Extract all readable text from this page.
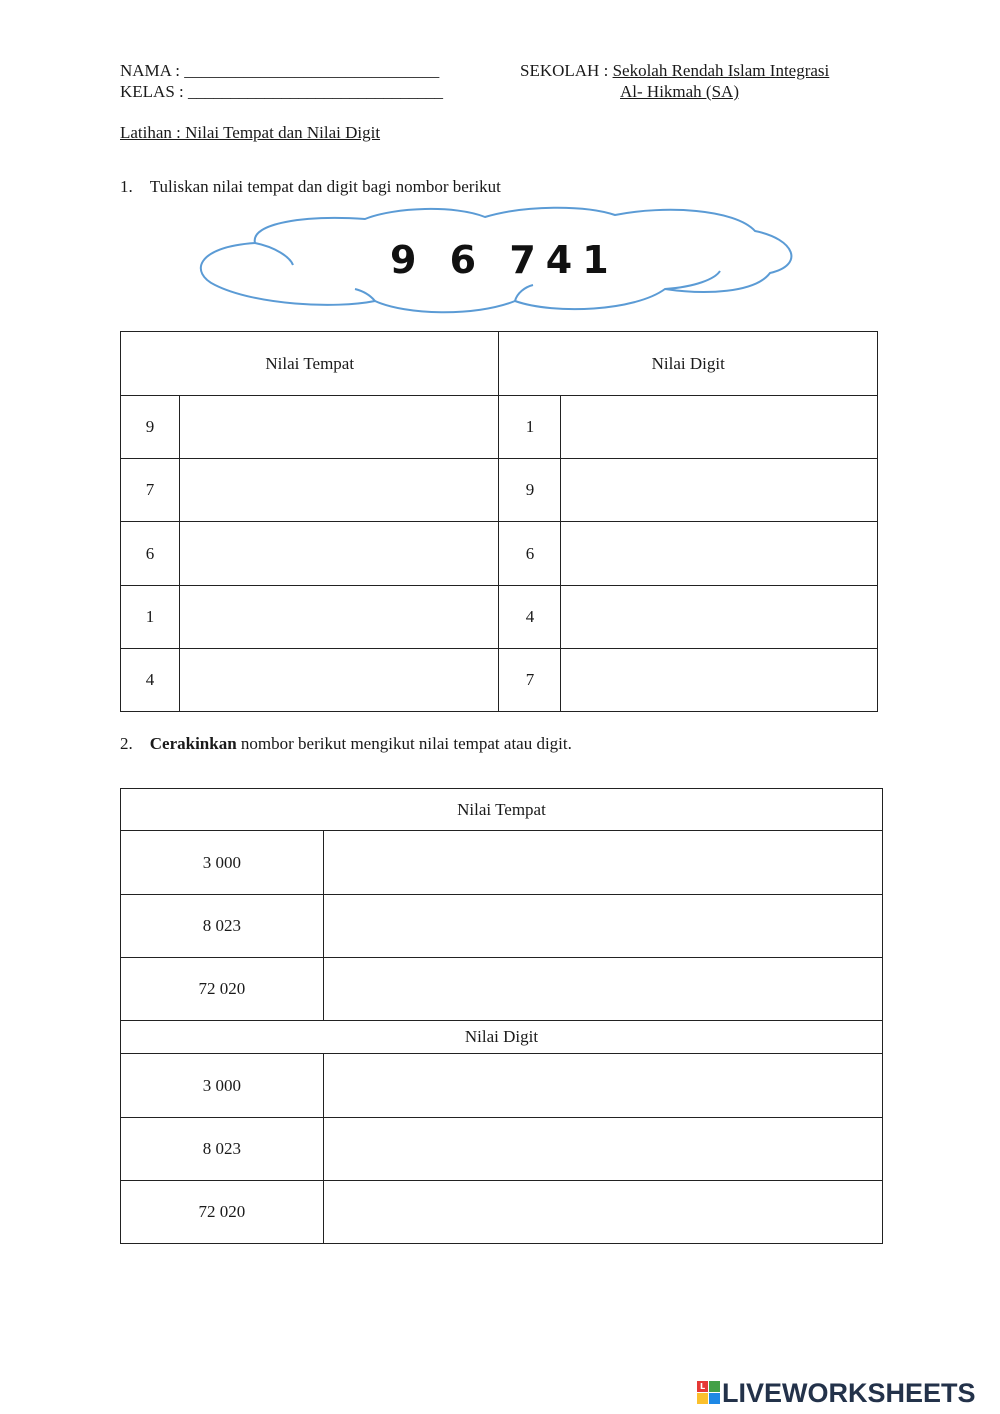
NAMA : ______________________________
KELAS : ______________________________
SEKOLAH : Sekolah Rendah Islam Integrasi
Al- Hikmah (SA)
Latihan : Nilai Tempat dan Nilai Digit
1. Tuliskan nilai tempat dan digit bagi nombor berikut
9 6 741
Nilai Tempat		Nilai Digit	
9		1	
7		9	
6		6	
1		4	
4		7	
2. Cerakinkan nombor berikut mengikut nilai tempat atau digit.
Nilai Tempat	
3 000	
8 023	
72 020	
Nilai Digit	
3 000	
8 023	
72 020	
L LIVEWORKSHEETS
